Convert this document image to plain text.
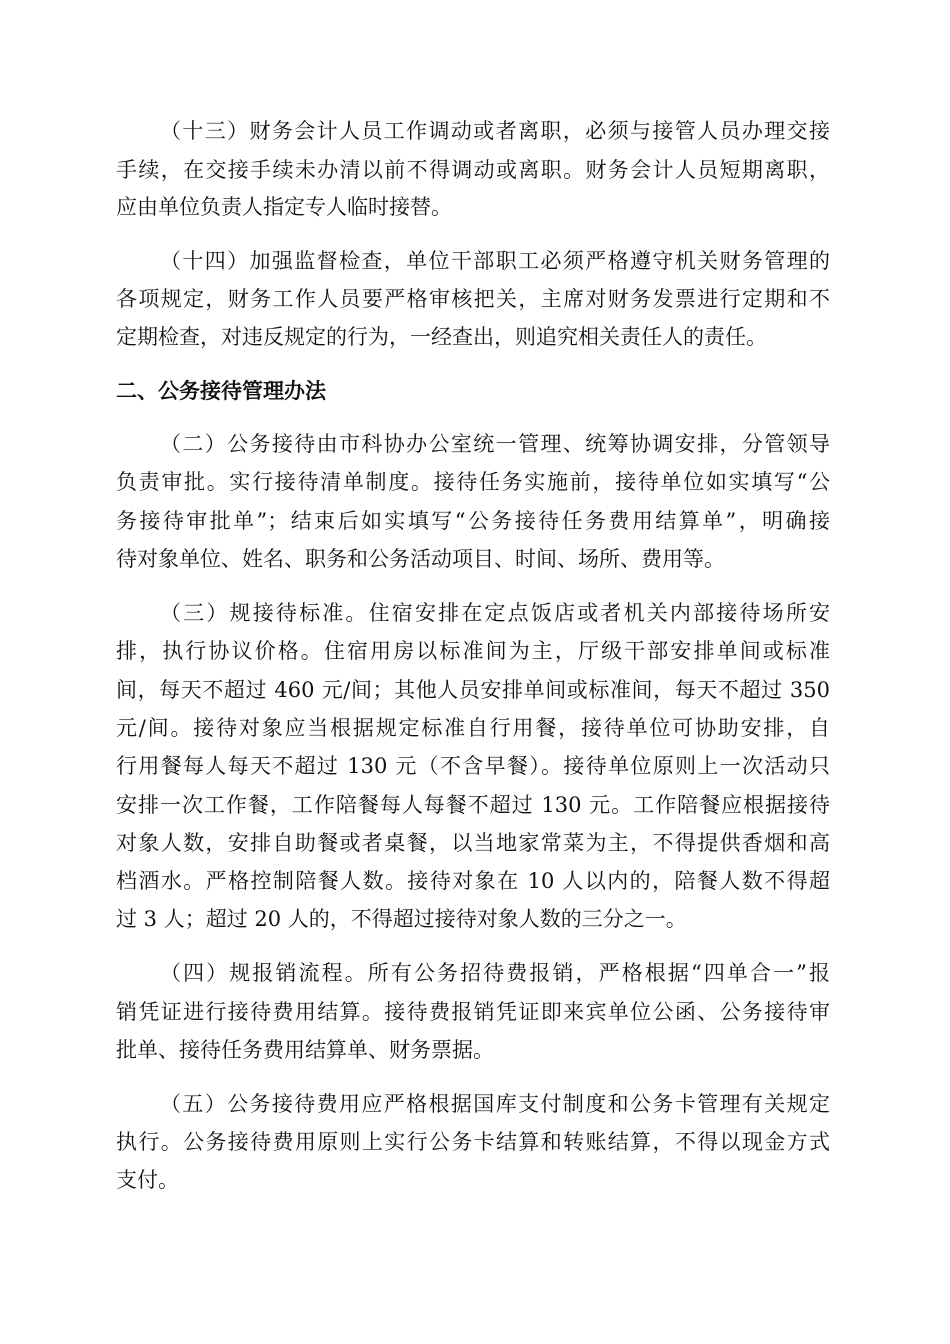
（十三）财务会计人员工作调动或者离职，必须与接管人员办理交接
手续，在交接手续未办清以前不得调动或离职。财务会计人员短期离职，
应由单位负责人指定专人临时接替。
（十四）加强监督检查，单位干部职工必须严格遵守机关财务管理的
各项规定，财务工作人员要严格审核把关，主席对财务发票进行定期和不
定期检查，对违反规定的行为，一经查出，则追究相关责任人的责任。
二、公务接待管理办法
（二）公务接待由市科协办公室统一管理、统筹协调安排，分管领导
负责审批。实行接待清单制度。接待任务实施前，接待单位如实填写“公
务接待审批单”；结束后如实填写“公务接待任务费用结算单”，明确接
待对象单位、姓名、职务和公务活动项目、时间、场所、费用等。
（三）规接待标准。住宿安排在定点饭店或者机关内部接待场所安
排，执行协议价格。住宿用房以标准间为主，厅级干部安排单间或标准
间，每天不超过 460 元/间；其他人员安排单间或标准间，每天不超过 350
元/间。接待对象应当根据规定标准自行用餐，接待单位可协助安排，自
行用餐每人每天不超过 130 元（不含早餐）。接待单位原则上一次活动只
安排一次工作餐，工作陪餐每人每餐不超过 130 元。工作陪餐应根据接待
对象人数，安排自助餐或者桌餐，以当地家常菜为主，不得提供香烟和高
档酒水。严格控制陪餐人数。接待对象在 10 人以内的，陪餐人数不得超
过 3 人；超过 20 人的，不得超过接待对象人数的三分之一。
（四）规报销流程。所有公务招待费报销，严格根据“四单合一”报
销凭证进行接待费用结算。接待费报销凭证即来宾单位公函、公务接待审
批单、接待任务费用结算单、财务票据。
（五）公务接待费用应严格根据国库支付制度和公务卡管理有关规定
执行。公务接待费用原则上实行公务卡结算和转账结算，不得以现金方式
支付。
